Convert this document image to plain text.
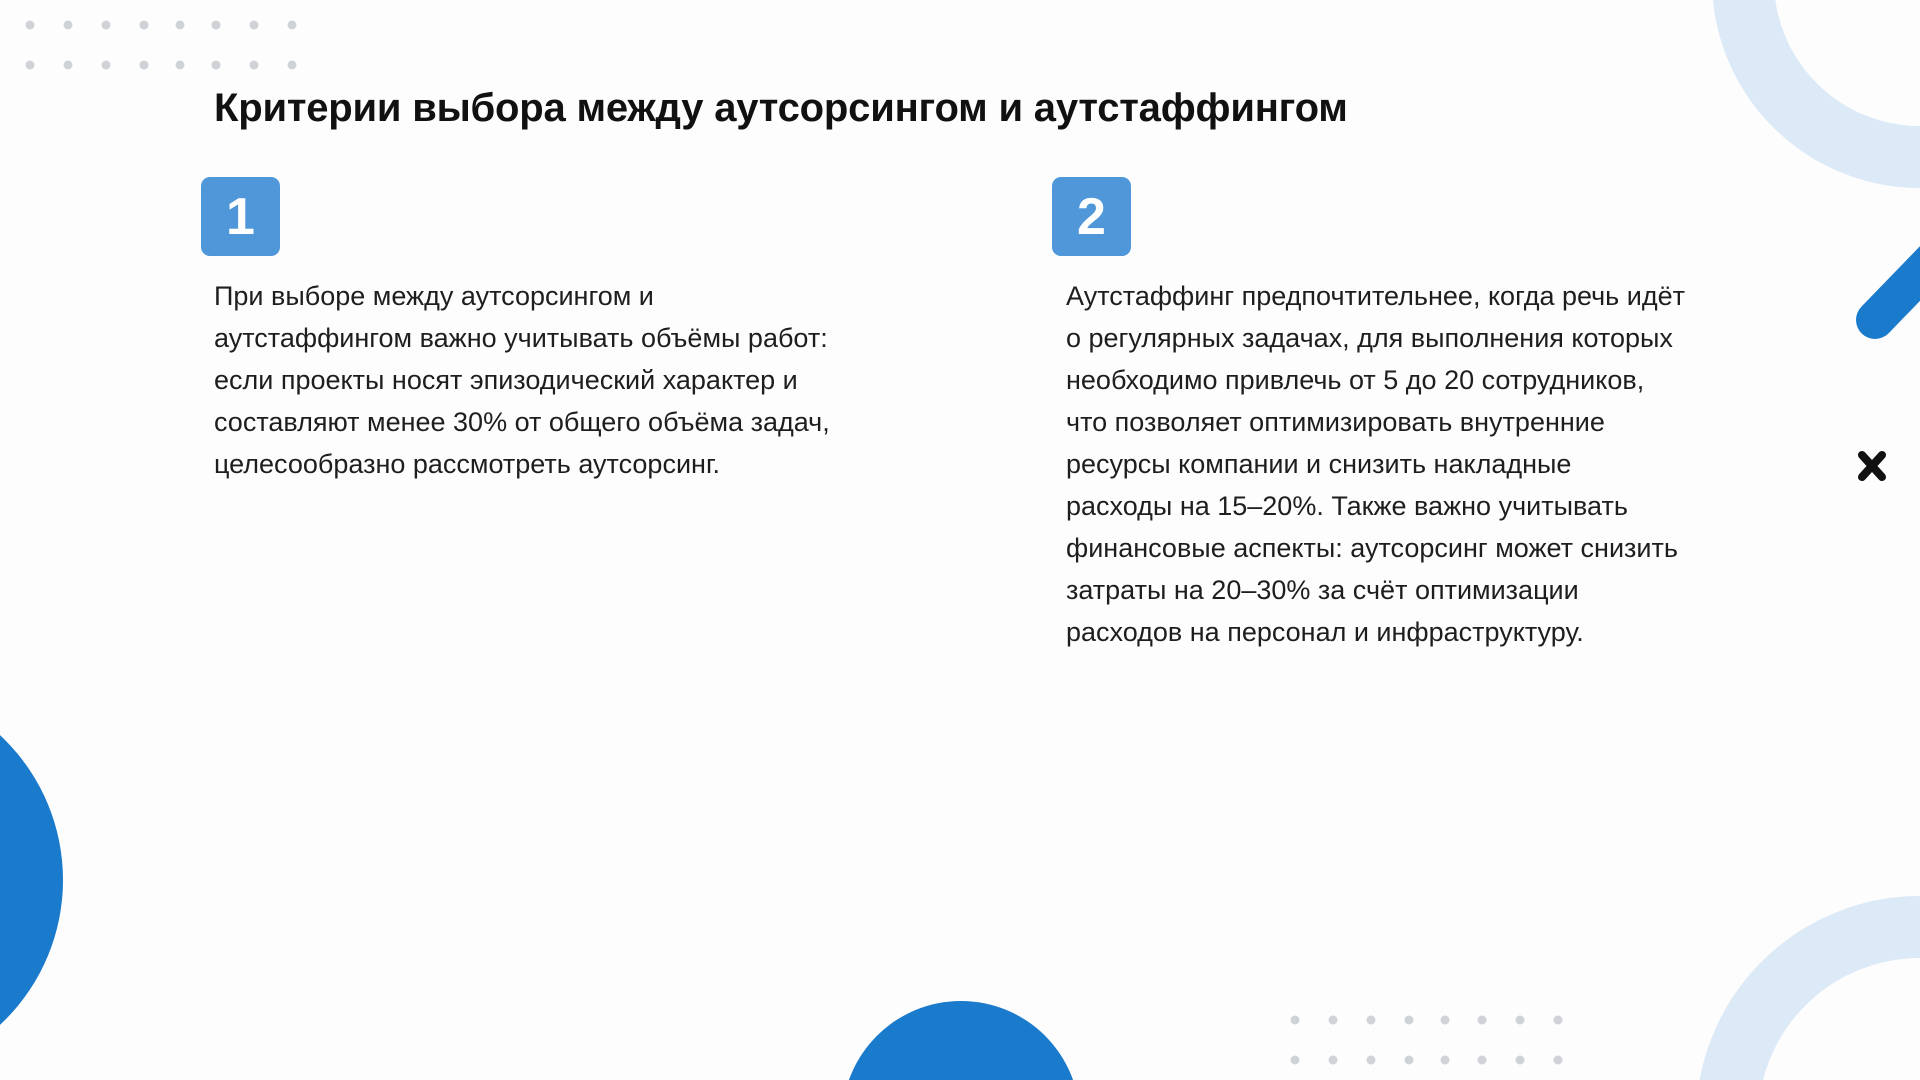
Критерии выбора между аутсорсингом и аутстаффингом
1

При выборе между аутсорсингом и
аутстаффингом важно учитывать объёмы работ:
если проекты носят эпизодический характер и
составляют менее 30% от общего объёма задач,
целесообразно рассмотреть аутсорсинг.

2

Аутстаффинг предпочтительнее, когда речь идёт
о регулярных задачах, для выполнения которых
необходимо привлечь от 5 до 20 сотрудников,
что позволяет оптимизировать внутренние
ресурсы компании и снизить накладные
расходы на 15–20%. Также важно учитывать
финансовые аспекты: аутсорсинг может снизить
затраты на 20–30% за счёт оптимизации
расходов на персонал и инфраструктуру.
